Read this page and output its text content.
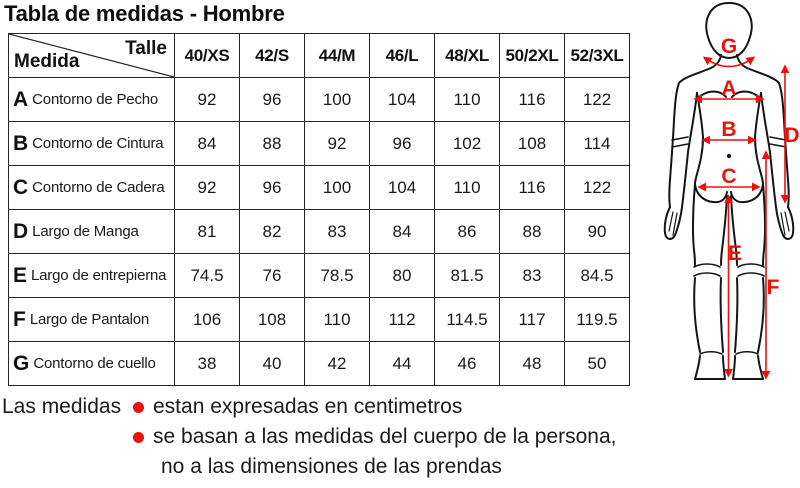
Tabla de medidas - Hombre
Talle
Medida	40/XS	42/S	44/M	46/L	48/XL	50/2XL	52/3XL

A Contorno de Pecho	92	96	100	104	110	116	122

B Contorno de Cintura	84	88	92	96	102	108	114

C Contorno de Cadera	92	96	100	104	110	116	122

D Largo de Manga	81	82	83	84	86	88	90

E Largo de entrepierna	74.5	76	78.5	80	81.5	83	84.5

F Largo de Pantalon	106	108	110	112	114.5	117	119.5

G Contorno de cuello	38	40	42	44	46	48	50
Las medidas	estan expresadas en centimetros
se basan a las medidas del cuerpo de la persona,
no a las dimensiones de las prendas
G
A
B
C
D
E
F
